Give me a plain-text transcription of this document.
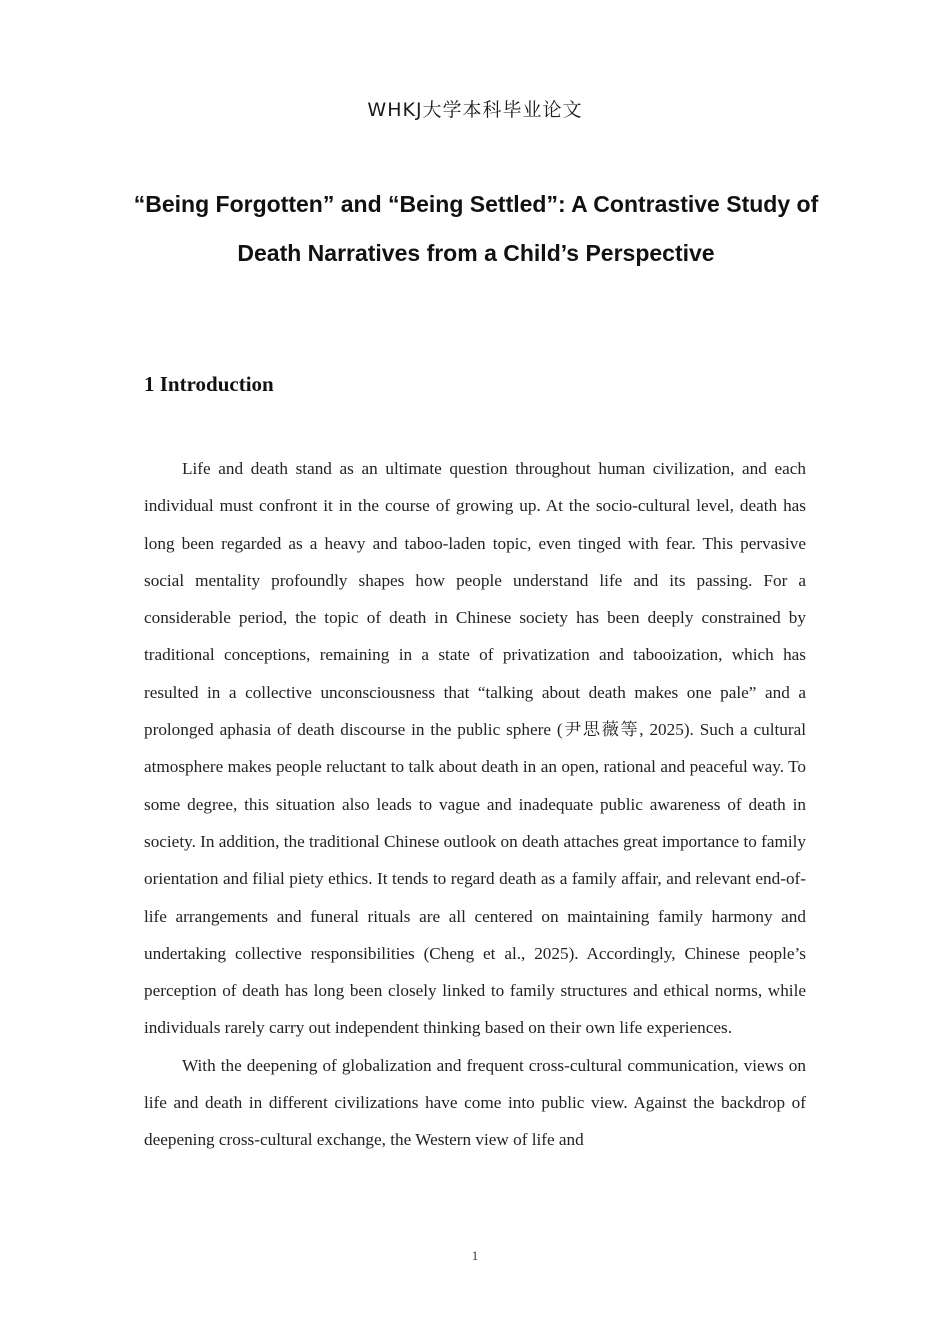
WHKJ大学本科毕业论文
“Being Forgotten” and “Being Settled”: A Contrastive Study of Death Narratives from a Child’s Perspective
1 Introduction

Life and death stand as an ultimate question throughout human civilization, and each individual must confront it in the course of growing up. At the socio-cultural level, death has long been regarded as a heavy and taboo-laden topic, even tinged with fear. This pervasive social mentality profoundly shapes how people understand life and its passing. For a considerable period, the topic of death in Chinese society has been deeply constrained by traditional conceptions, remaining in a state of privatization and tabooization, which has resulted in a collective unconsciousness that “talking about death makes one pale” and a prolonged aphasia of death discourse in the public sphere (尹思薇等, 2025). Such a cultural atmosphere makes people reluctant to talk about death in an open, rational and peaceful way. To some degree, this situation also leads to vague and inadequate public awareness of death in society. In addition, the traditional Chinese outlook on death attaches great importance to family orientation and filial piety ethics. It tends to regard death as a family affair, and relevant end-of-life arrangements and funeral rituals are all centered on maintaining family harmony and undertaking collective responsibilities (Cheng et al., 2025). Accordingly, Chinese people’s perception of death has long been closely linked to family structures and ethical norms, while individuals rarely carry out independent thinking based on their own life experiences.

With the deepening of globalization and frequent cross-cultural communication, views on life and death in different civilizations have come into public view. Against the backdrop of deepening cross-cultural exchange, the Western view of life and

1
